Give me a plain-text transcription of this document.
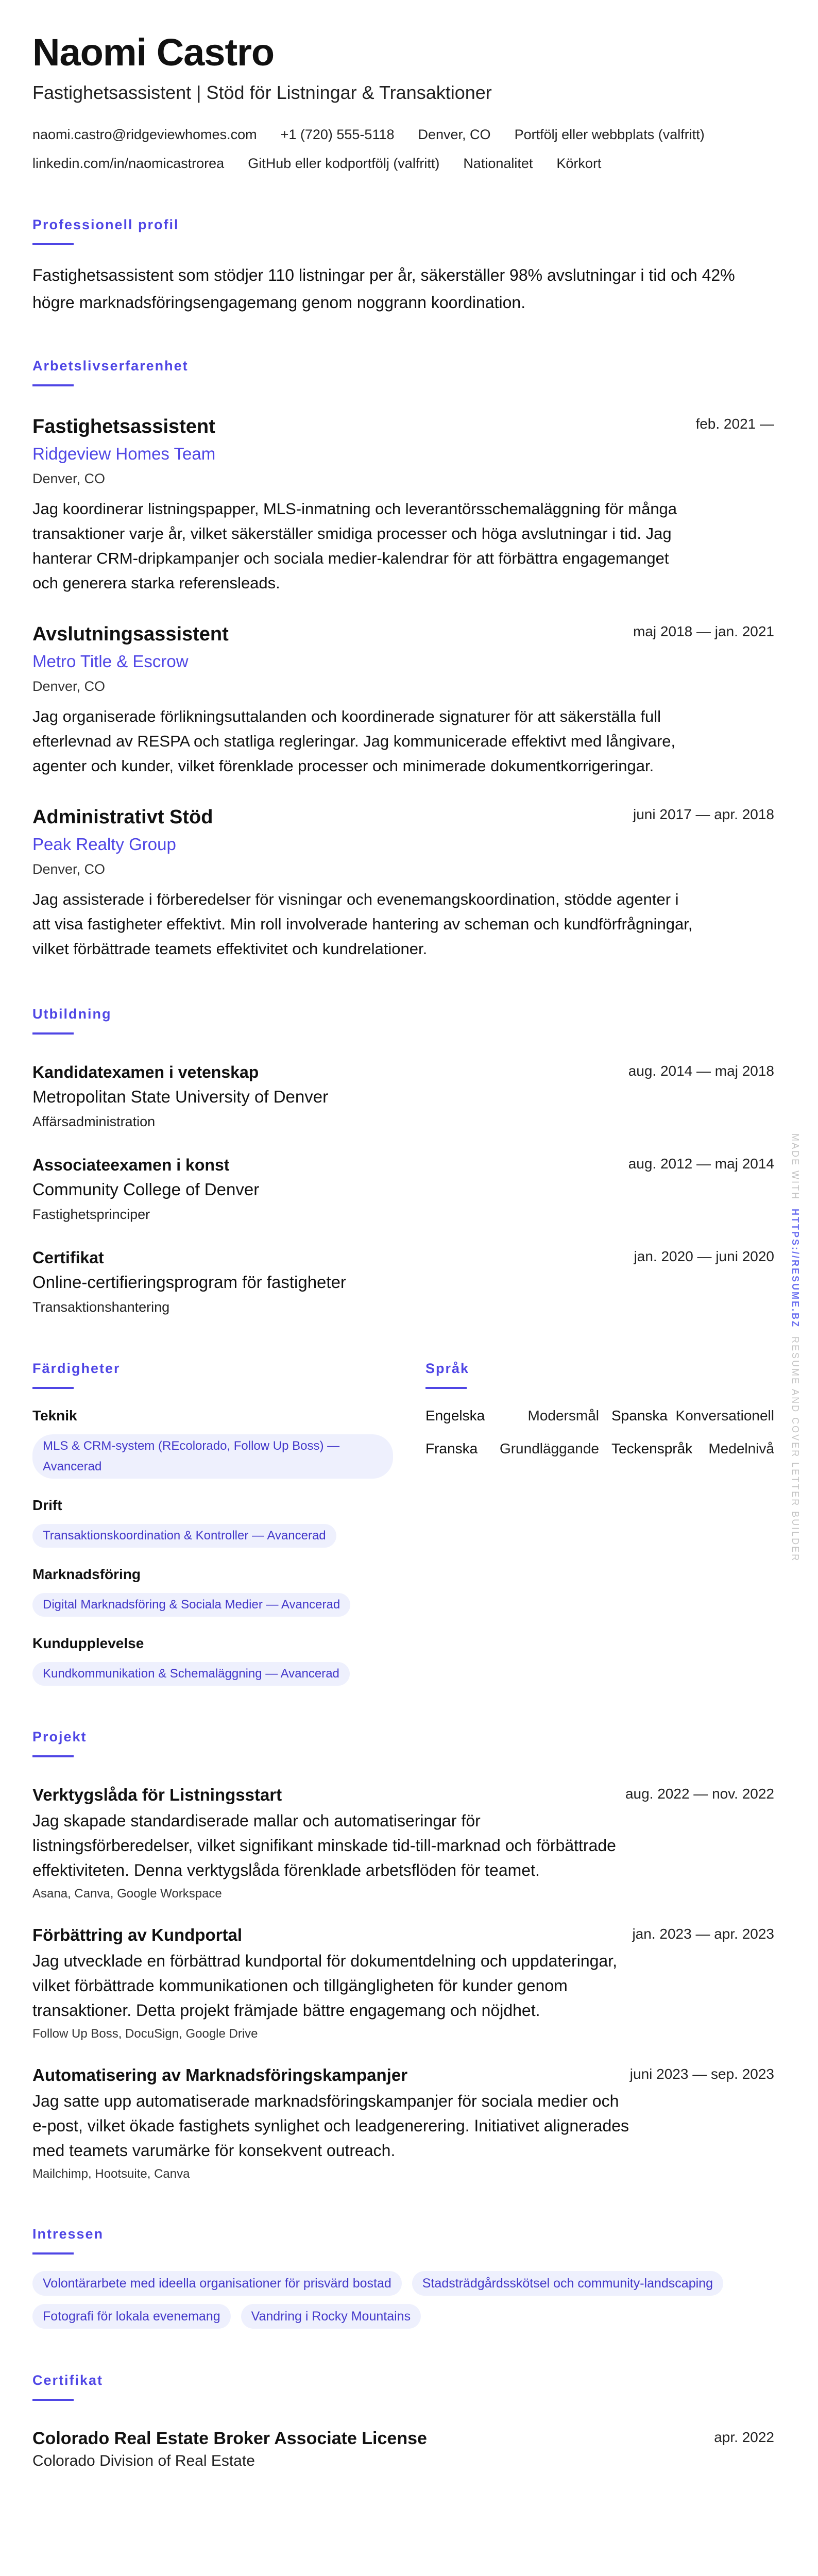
Naomi Castro
Fastighetsassistent | Stöd för Listningar & Transaktioner
naomi.castro@ridgeviewhomes.com +1 (720) 555-5118 Denver, CO Portfölj eller webbplats (valfritt)
linkedin.com/in/naomicastrorea GitHub eller kodportfölj (valfritt) Nationalitet Körkort
Professionell profil
Fastighetsassistent som stödjer 110 listningar per år, säkerställer 98% avslutningar i tid och 42% högre marknadsföringsengagemang genom noggrann koordination.
Arbetslivserfarenhet
Fastighetsassistent	feb. 2021 —
Ridgeview Homes Team
Denver, CO
Jag koordinerar listningspapper, MLS-inmatning och leverantörsschemaläggning för många transaktioner varje år, vilket säkerställer smidiga processer och höga avslutningar i tid. Jag hanterar CRM-dripkampanjer och sociala medier-kalendrar för att förbättra engagemanget och generera starka referensleads.
Avslutningsassistent	maj 2018 — jan. 2021
Metro Title & Escrow
Denver, CO
Jag organiserade förlikningsuttalanden och koordinerade signaturer för att säkerställa full efterlevnad av RESPA och statliga regleringar. Jag kommunicerade effektivt med långivare, agenter och kunder, vilket förenklade processer och minimerade dokumentkorrigeringar.
Administrativt Stöd	juni 2017 — apr. 2018
Peak Realty Group
Denver, CO
Jag assisterade i förberedelser för visningar och evenemangskoordination, stödde agenter i att visa fastigheter effektivt. Min roll involverade hantering av scheman och kundförfrågningar, vilket förbättrade teamets effektivitet och kundrelationer.
Utbildning
Kandidatexamen i vetenskap	aug. 2014 — maj 2018
Metropolitan State University of Denver
Affärsadministration
Associateexamen i konst	aug. 2012 — maj 2014
Community College of Denver
Fastighetsprinciper
Certifikat	jan. 2020 — juni 2020
Online-certifieringsprogram för fastigheter
Transaktionshantering
Färdigheter
Teknik
MLS & CRM-system (REcolorado, Follow Up Boss) — Avancerad
Drift
Transaktionskoordination & Kontroller — Avancerad
Marknadsföring
Digital Marknadsföring & Sociala Medier — Avancerad
Kundupplevelse
Kundkommunikation & Schemaläggning — Avancerad
Språk
Engelska	Modersmål Spanska Konversationell
Franska Grundläggande Teckenspråk Medelnivå
Projekt
Verktygslåda för Listningsstart	aug. 2022 — nov. 2022
Jag skapade standardiserade mallar och automatiseringar för listningsförberedelser, vilket signifikant minskade tid-till-marknad och förbättrade effektiviteten. Denna verktygslåda förenklade arbetsflöden för teamet.
Asana, Canva, Google Workspace
Förbättring av Kundportal	jan. 2023 — apr. 2023
Jag utvecklade en förbättrad kundportal för dokumentdelning och uppdateringar, vilket förbättrade kommunikationen och tillgängligheten för kunder genom transaktioner. Detta projekt främjade bättre engagemang och nöjdhet.
Follow Up Boss, DocuSign, Google Drive
Automatisering av Marknadsföringskampanjer	juni 2023 — sep. 2023
Jag satte upp automatiserade marknadsföringskampanjer för sociala medier och e-post, vilket ökade fastighets synlighet och leadgenerering. Initiativet alignerades med teamets varumärke för konsekvent outreach.
Mailchimp, Hootsuite, Canva
Intressen
Volontärarbete med ideella organisationer för prisvärd bostad	Stadsträdgårdsskötsel och community-landscaping
Fotografi för lokala evenemang	Vandring i Rocky Mountains
Certifikat
Colorado Real Estate Broker Associate License	apr. 2022
Colorado Division of Real Estate
MADE WITH  HTTPS://RESUME.BZ  RESUME AND COVER LETTER BUILDER
